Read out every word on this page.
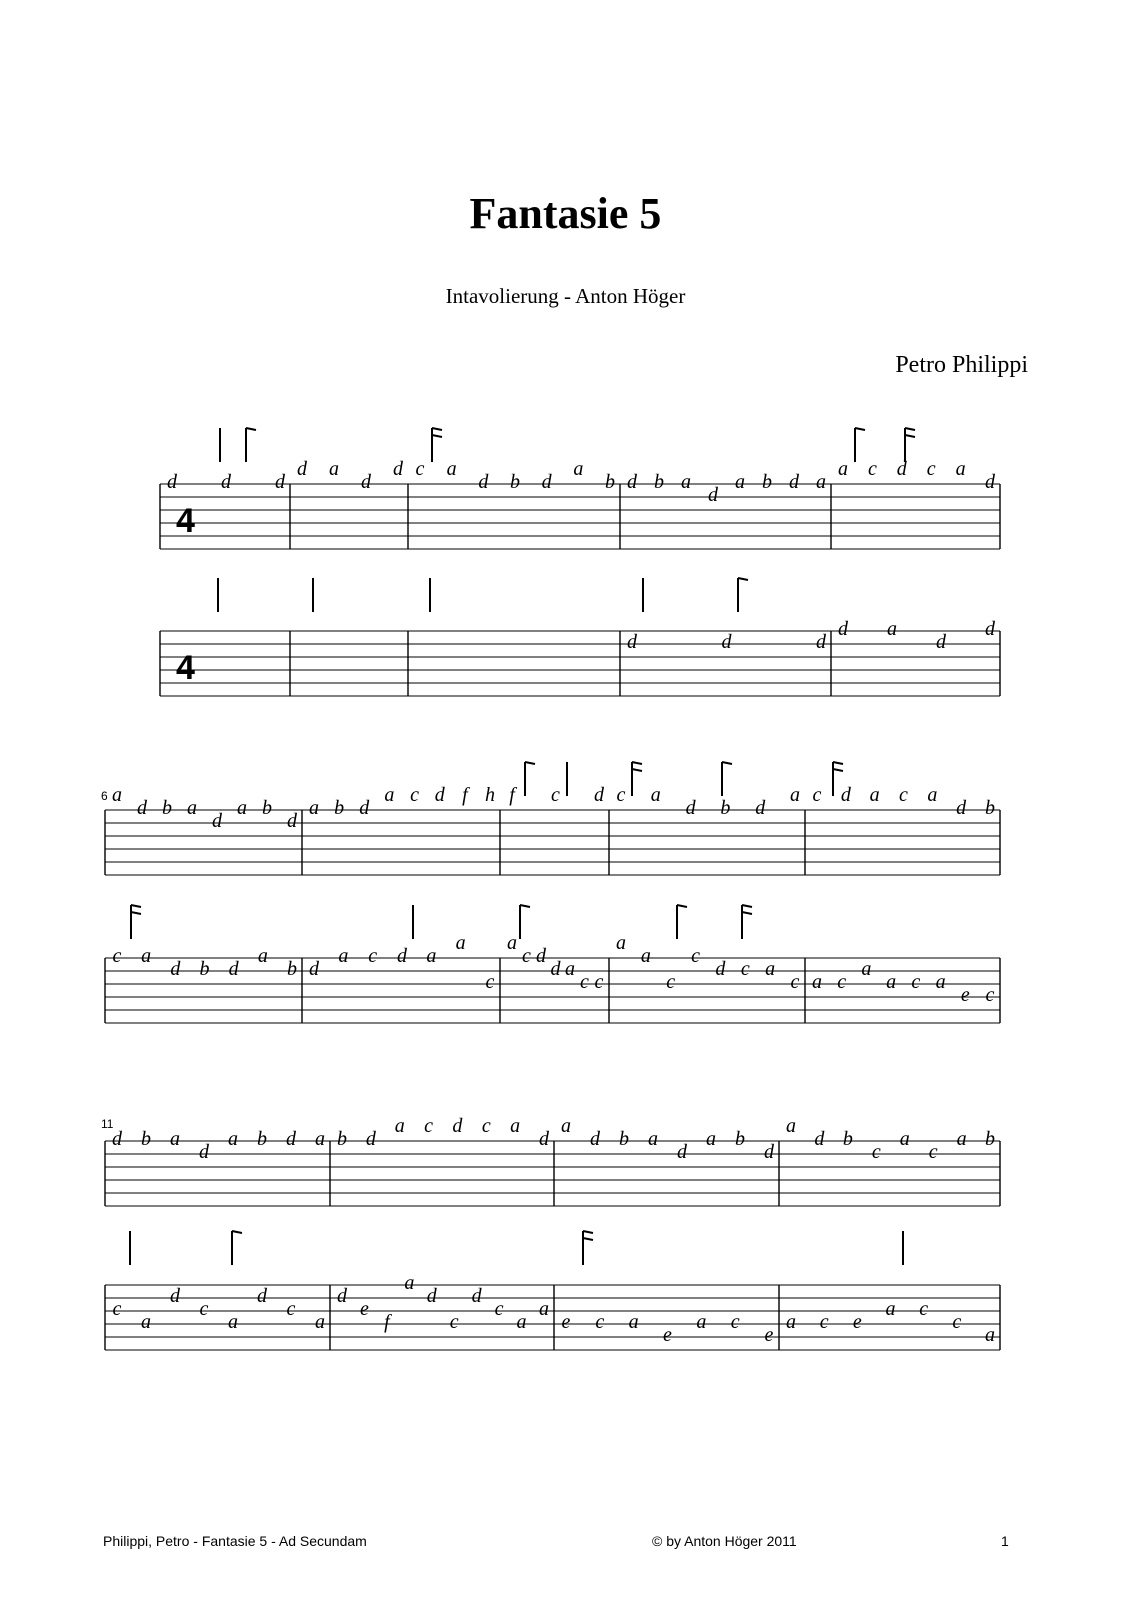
Fantasie 5
Intavolierung - Anton Höger
Petro Philippi
4
d d d
d a
d
d c a
d b d
a
b d b a
d
a b d a
a c d c a
d
4
d	d	d
d a
d
d
a
d b a
d
a b
d
a b d
a c d f h f c d c a
d b d
a c d a c a
d b
c a
d b d
a
b d
a c d a
a
c
a
c d
d a
c c
a
a
c
c
d c a
c a c
a
a c a
e c
6
d b a
d
a b d a b d
a c d c a
d
a
d b a
d
a b
d
a
d b
c
a
c
a b
c
a
d
c
a
d
c
a
d
e
f
a
d
c
d
c
a
a
e c a
e
a c
e
a c e
a c
c
a
11
Philippi, Petro - Fantasie 5 - Ad Secundam	© by Anton Höger 2011	1
